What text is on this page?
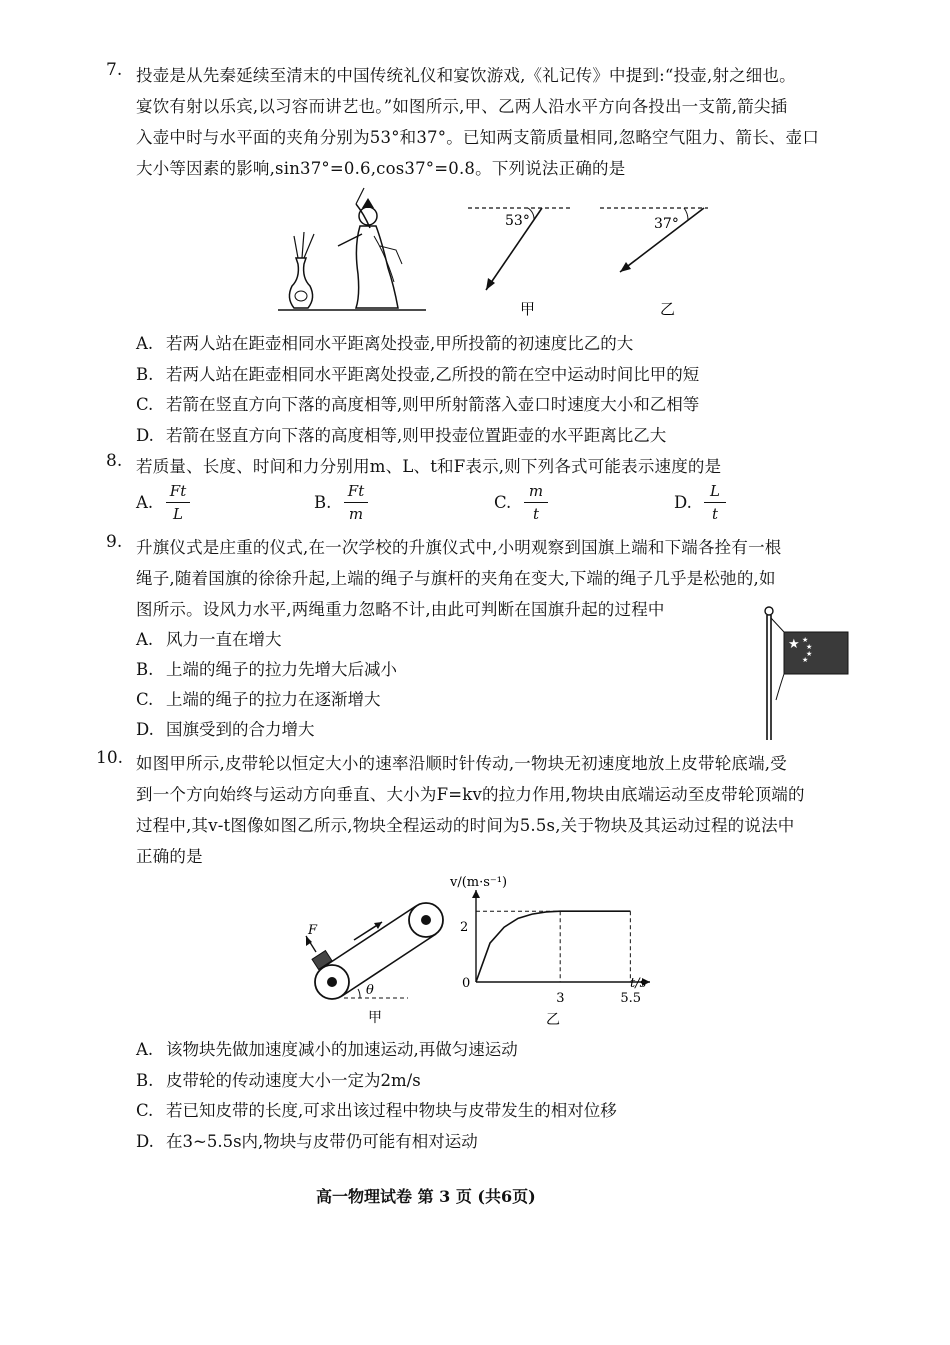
7. 投壶是从先秦延续至清末的中国传统礼仪和宴饮游戏,《礼记传》中提到:“投壶,射之细也。
宴饮有射以乐宾,以习容而讲艺也。”如图所示,甲、乙两人沿水平方向各投出一支箭,箭尖插
入壶中时与水平面的夹角分别为53°和37°。已知两支箭质量相同,忽略空气阻力、箭长、壶口
大小等因素的影响,sin37°=0.6,cos37°=0.8。下列说法正确的是
53°
甲
37°
乙
A. 若两人站在距壶相同水平距离处投壶,甲所投箭的初速度比乙的大
B. 若两人站在距壶相同水平距离处投壶,乙所投的箭在空中运动时间比甲的短
C. 若箭在竖直方向下落的高度相等,则甲所射箭落入壶口时速度大小和乙相等
D. 若箭在竖直方向下落的高度相等,则甲投壶位置距壶的水平距离比乙大
8. 若质量、长度、时间和力分别用m、L、t和F表示,则下列各式可能表示速度的是
A.
Ft
L
B.
Ft
m
C.
m
t
D.
L
t
9. 升旗仪式是庄重的仪式,在一次学校的升旗仪式中,小明观察到国旗上端和下端各拴有一根
绳子,随着国旗的徐徐升起,上端的绳子与旗杆的夹角在变大,下端的绳子几乎是松弛的,如
图所示。设风力水平,两绳重力忽略不计,由此可判断在国旗升起的过程中
A. 风力一直在增大
B. 上端的绳子的拉力先增大后减小
C. 上端的绳子的拉力在逐渐增大
D. 国旗受到的合力增大
★ ★
★
★
★
10. 如图甲所示,皮带轮以恒定大小的速率沿顺时针传动,一物块无初速度地放上皮带轮底端,受
到一个方向始终与运动方向垂直、大小为F=kv的拉力作用,物块由底端运动至皮带轮顶端的
过程中,其v-t图像如图乙所示,物块全程运动的时间为5.5s,关于物块及其运动过程的说法中
正确的是
F
θ
甲
v/(m·s⁻¹)
t/s
0
2
3	5.5
乙
A. 该物块先做加速度减小的加速运动,再做匀速运动
B. 皮带轮的传动速度大小一定为2m/s
C. 若已知皮带的长度,可求出该过程中物块与皮带发生的相对位移
D. 在3~5.5s内,物块与皮带仍可能有相对运动
高一物理试卷 第 3 页 (共6页)
